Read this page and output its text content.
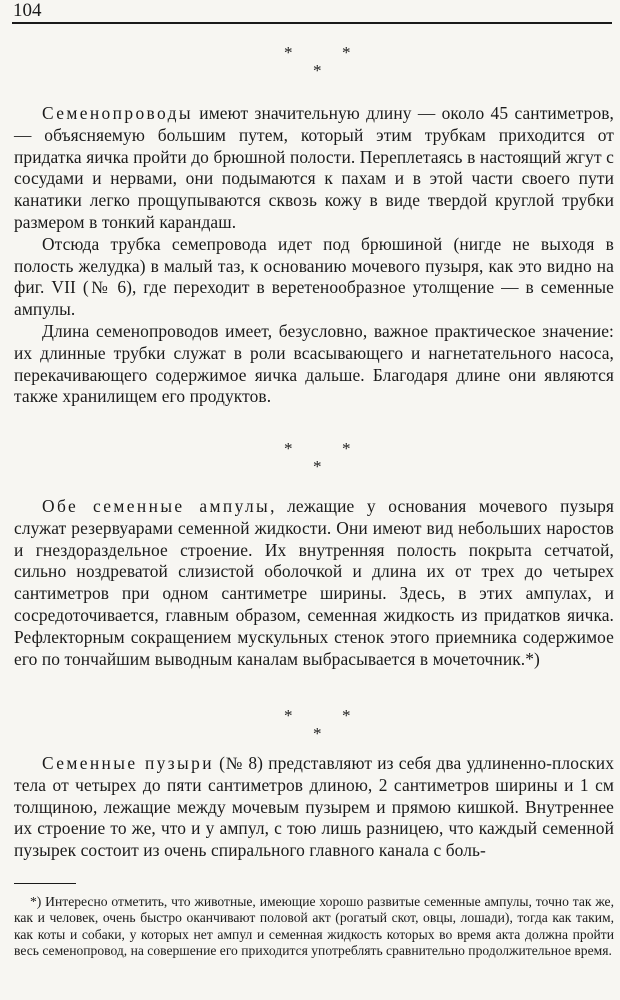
104
*	*
*

Семенопроводы имеют значительную длину — около 45 сантиметров, — объясняемую большим путем, который этим трубкам приходится от придатка яичка пройти до брюшной полости. Переплетаясь в настоящий жгут с сосудами и нервами, они подымаются к пахам и в этой части своего пути канатики легко прощупываются сквозь кожу в виде твердой круглой трубки размером в тонкий карандаш.

Отсюда трубка семепровода идет под брюшиной (нигде не выходя в полость желудка) в малый таз, к основанию мочевого пузыря, как это видно на фиг. VII (№ 6), где переходит в веретенообразное утолщение — в семенные ампулы.

Длина семенопроводов имеет, безусловно, важное практическое значение: их длинные трубки служат в роли всасывающего и нагнетательного насоса, перекачивающего содержимое яичка дальше. Благодаря длине они являются также хранилищем его продуктов.

*	*
*

Обе семенные ампулы, лежащие у основания мочевого пузыря служат резервуарами семенной жидкости. Они имеют вид небольших наростов и гнездораздельное строение. Их внутренняя полость покрыта сетчатой, сильно ноздреватой слизистой оболочкой и длина их от трех до четырех сантиметров при одном сантиметре ширины. Здесь, в этих ампулах, и сосредоточивается, главным образом, семенная жидкость из придатков яичка. Рефлекторным сокращением мускульных стенок этого приемника содержимое его по тончайшим выводным каналам выбрасывается в мочеточник.*)

*	*
*

Семенные пузыри (№ 8) представляют из себя два удлиненно-плоских тела от четырех до пяти сантиметров длиною, 2 сантиметров ширины и 1 см толщиною, лежащие между мочевым пузырем и прямою кишкой. Внутреннее их строение то же, что и у ампул, с тою лишь разницею, что каждый семенной пузырек состоит из очень спирального главного канала с боль-

*) Интересно отметить, что животные, имеющие хорошо развитые семенные ампулы, точно так же, как и человек, очень быстро оканчивают половой акт (рогатый скот, овцы, лошади), тогда как таким, как коты и собаки, у которых нет ампул и семенная жидкость которых во время акта должна пройти весь семенопровод, на совершение его приходится употреблять сравнительно продолжительное время.
